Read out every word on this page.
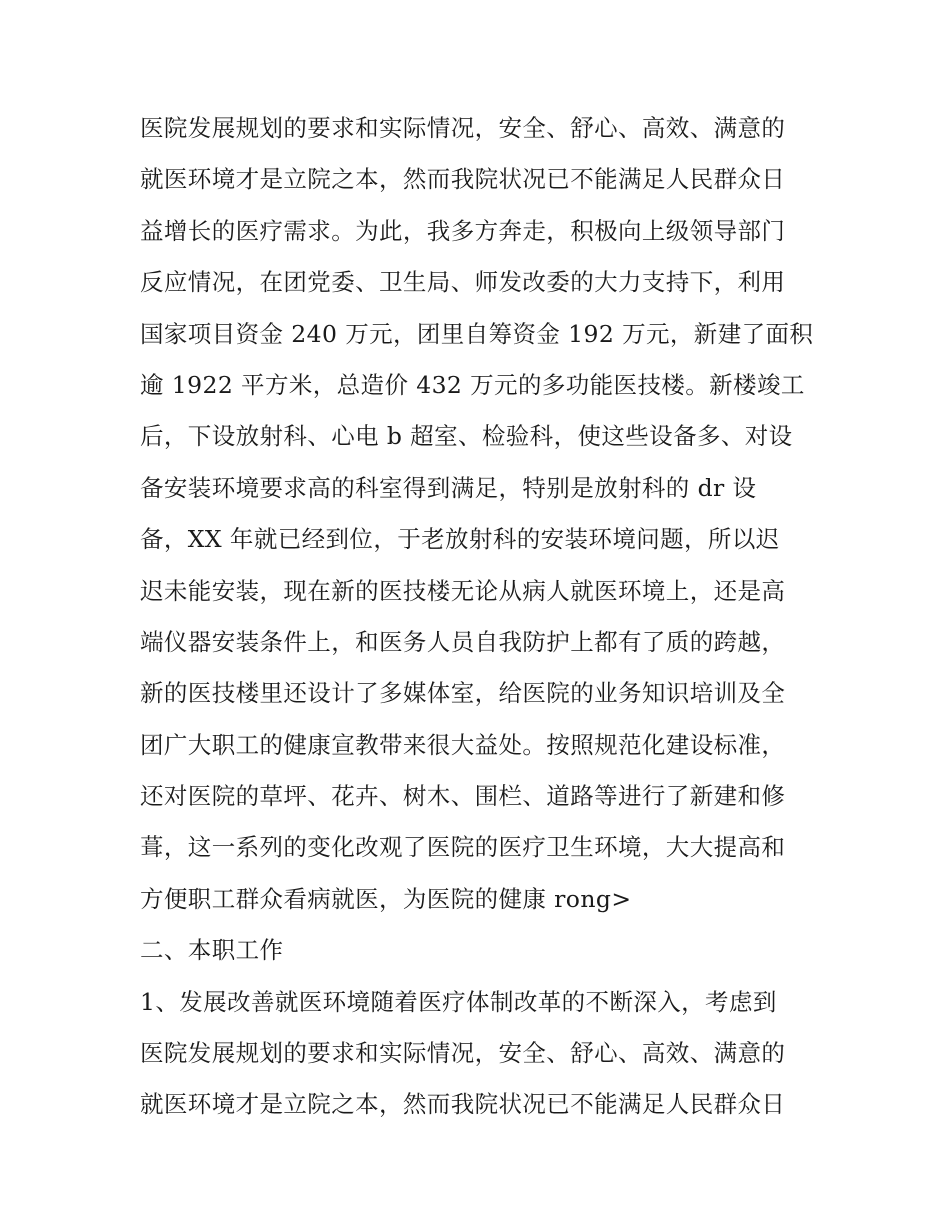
医院发展规划的要求和实际情况，安全、舒心、高效、满意的
就医环境才是立院之本，然而我院状况已不能满足人民群众日
益增长的医疗需求。为此，我多方奔走，积极向上级领导部门
反应情况，在团党委、卫生局、师发改委的大力支持下，利用
国家项目资金 240 万元，团里自筹资金 192 万元，新建了面积
逾 1922 平方米，总造价 432 万元的多功能医技楼。新楼竣工
后，下设放射科、心电 b 超室、检验科，使这些设备多、对设
备安装环境要求高的科室得到满足，特别是放射科的 dr 设
备，XX 年就已经到位，于老放射科的安装环境问题，所以迟
迟未能安装，现在新的医技楼无论从病人就医环境上，还是高
端仪器安装条件上，和医务人员自我防护上都有了质的跨越，
新的医技楼里还设计了多媒体室，给医院的业务知识培训及全
团广大职工的健康宣教带来很大益处。按照规范化建设标准，
还对医院的草坪、花卉、树木、围栏、道路等进行了新建和修
葺，这一系列的变化改观了医院的医疗卫生环境，大大提高和
方便职工群众看病就医，为医院的健康 rong>
二、本职工作
1、发展改善就医环境随着医疗体制改革的不断深入，考虑到
医院发展规划的要求和实际情况，安全、舒心、高效、满意的
就医环境才是立院之本，然而我院状况已不能满足人民群众日
